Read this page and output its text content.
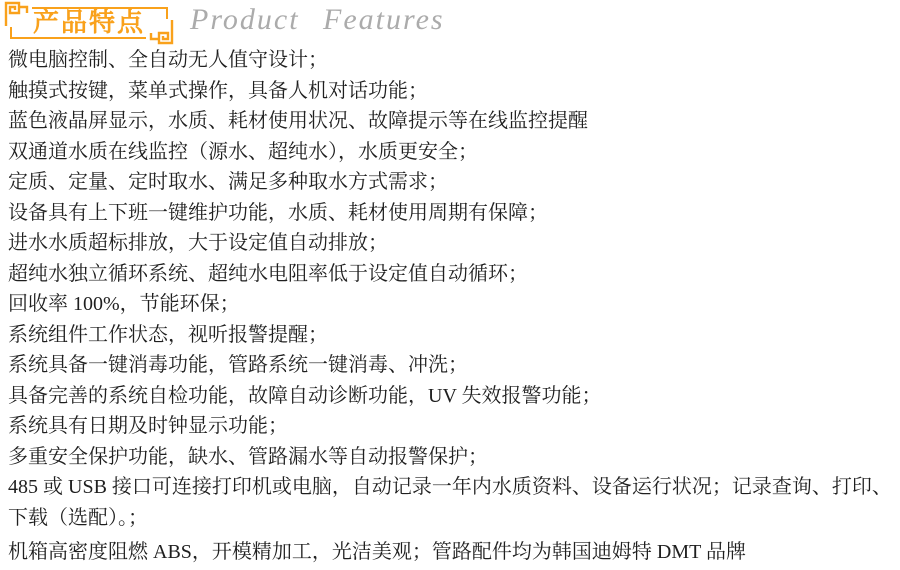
产品特点 Product Features
微电脑控制、全自动无人值守设计；
触摸式按键，菜单式操作，具备人机对话功能；
蓝色液晶屏显示，水质、耗材使用状况、故障提示等在线监控提醒
双通道水质在线监控（源水、超纯水），水质更安全；
定质、定量、定时取水、满足多种取水方式需求；
设备具有上下班一键维护功能，水质、耗材使用周期有保障；
进水水质超标排放，大于设定值自动排放；
超纯水独立循环系统、超纯水电阻率低于设定值自动循环；
回收率 100%，节能环保；
系统组件工作状态，视听报警提醒；
系统具备一键消毒功能，管路系统一键消毒、冲洗；
具备完善的系统自检功能，故障自动诊断功能，UV 失效报警功能；
系统具有日期及时钟显示功能；
多重安全保护功能，缺水、管路漏水等自动报警保护；
485 或 USB 接口可连接打印机或电脑，自动记录一年内水质资料、设备运行状况；记录查询、打印、
下载（选配）。；
机箱高密度阻燃 ABS，开模精加工，光洁美观；管路配件均为韩国迪姆特 DMT 品牌
